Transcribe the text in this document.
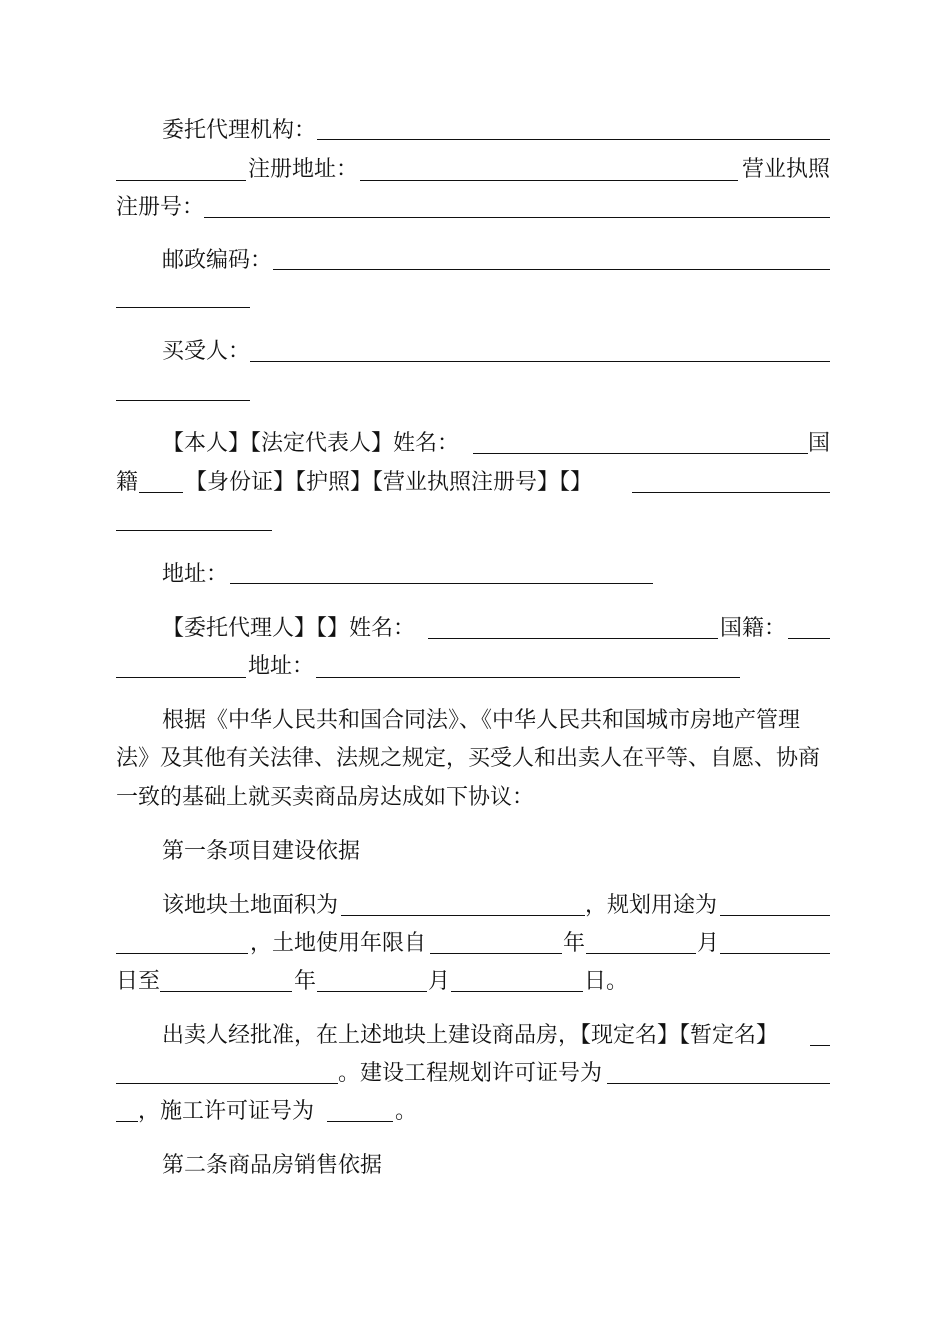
委托代理机构：
注册地址：	营业执照
注册号：
邮政编码：
买受人：
【本人】【法定代表人】姓名：	国
籍 【身份证】【护照】【营业执照注册号】【】
地址：
【委托代理人】【】姓名：	国籍：
地址：
根据《中华人民共和国合同法》、《中华人民共和国城市房地产管理
法》及其他有关法律、法规之规定，买受人和出卖人在平等、自愿、协商
一致的基础上就买卖商品房达成如下协议：
第一条项目建设依据
该地块土地面积为	，规划用途为
，土地使用年限自	年	月
日至	年	月	日。
出卖人经批准，在上述地块上建设商品房，【现定名】【暂定名】
。建设工程规划许可证号为
，施工许可证号为	。
第二条商品房销售依据
